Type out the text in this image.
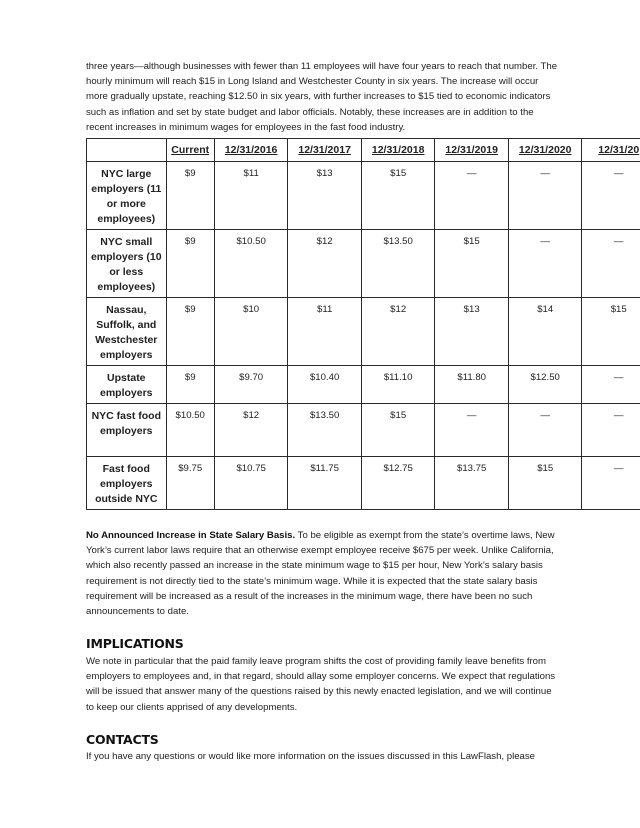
three years—although businesses with fewer than 11 employees will have four years to reach that number. The hourly minimum will reach $15 in Long Island and Westchester County in six years. The increase will occur more gradually upstate, reaching $12.50 in six years, with further increases to $15 tied to economic indicators such as inflation and set by state budget and labor officials. Notably, these increases are in addition to the recent increases in minimum wages for employees in the fast food industry.

	Current	12/31/2016	12/31/2017	12/31/2018	12/31/2019	12/31/2020	12/31/20
NYC large employers (11 or more employees)	$9	$11	$13	$15	—	—	—
NYC small employers (10 or less employees)	$9	$10.50	$12	$13.50	$15	—	—
Nassau, Suffolk, and Westchester employers	$9	$10	$11	$12	$13	$14	$15
Upstate employers	$9	$9.70	$10.40	$11.10	$11.80	$12.50	—
NYC fast food employers	$10.50	$12	$13.50	$15	—	—	—
Fast food employers outside NYC	$9.75	$10.75	$11.75	$12.75	$13.75	$15	—

No Announced Increase in State Salary Basis. To be eligible as exempt from the state’s overtime laws, New York’s current labor laws require that an otherwise exempt employee receive $675 per week. Unlike California, which also recently passed an increase in the state minimum wage to $15 per hour, New York’s salary basis requirement is not directly tied to the state’s minimum wage. While it is expected that the state salary basis requirement will be increased as a result of the increases in the minimum wage, there have been no such announcements to date.

IMPLICATIONS

We note in particular that the paid family leave program shifts the cost of providing family leave benefits from employers to employees and, in that regard, should allay some employer concerns. We expect that regulations will be issued that answer many of the questions raised by this newly enacted legislation, and we will continue to keep our clients apprised of any developments.

CONTACTS

If you have any questions or would like more information on the issues discussed in this LawFlash, please
